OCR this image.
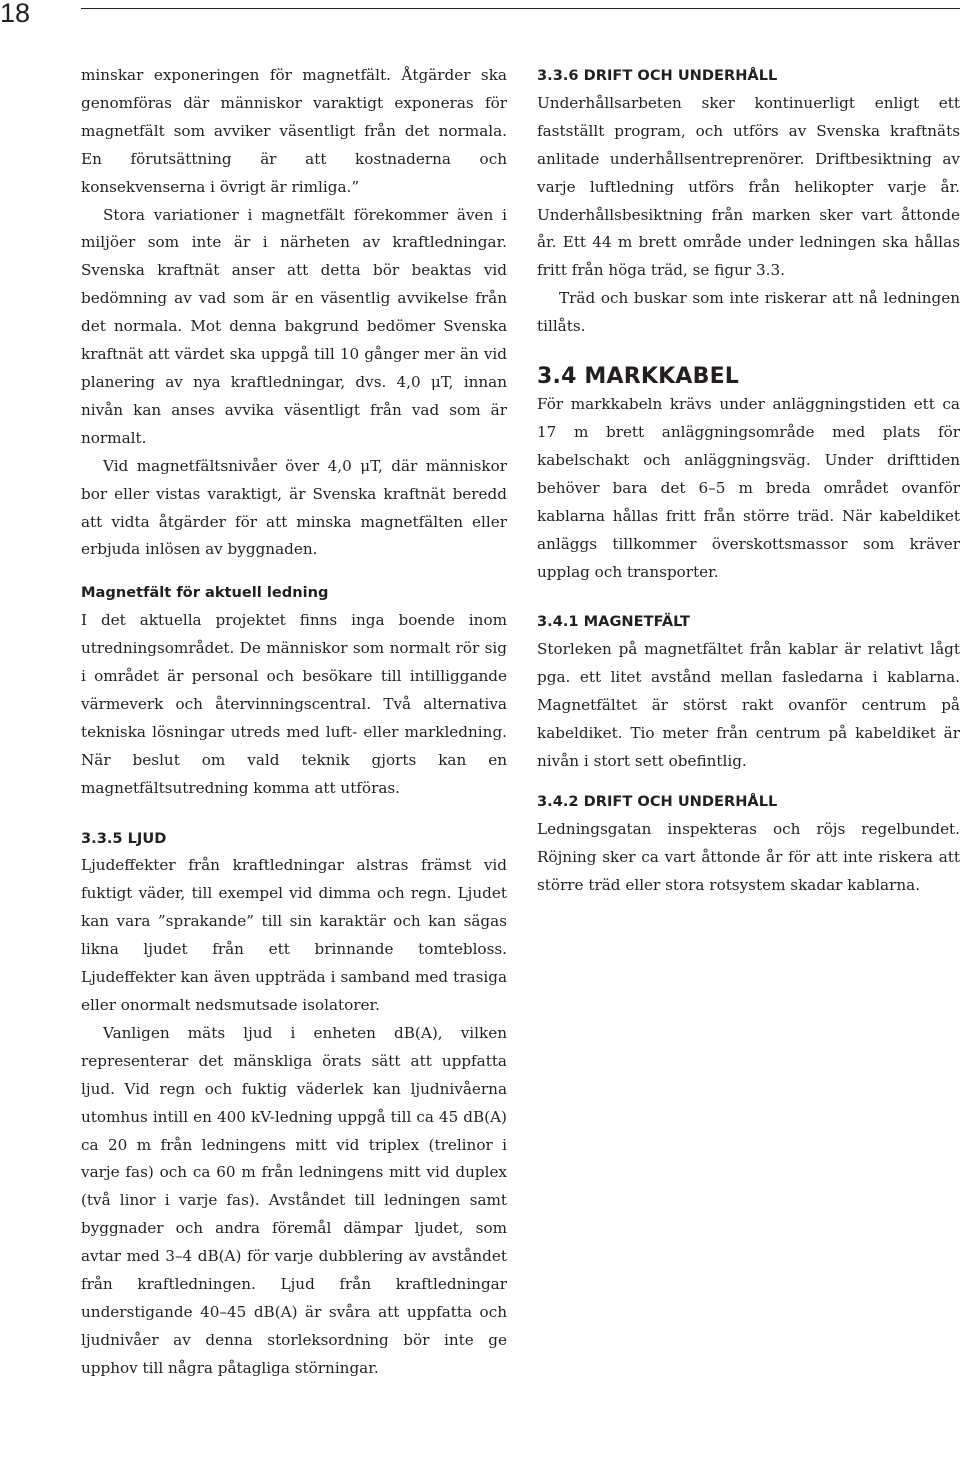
18

minskar exponeringen för magnetfält. Åtgärder ska genomföras där människor varaktigt exponeras för magnetfält som avviker väsentligt från det normala. En förutsättning är att kostnaderna och konsekvenserna i övrigt är rimliga.”

Stora variationer i magnetfält förekommer även i miljöer som inte är i närheten av kraftledningar. Svenska kraftnät anser att detta bör beaktas vid bedömning av vad som är en väsentlig avvikelse från det normala. Mot denna bakgrund bedömer Svenska kraftnät att värdet ska uppgå till 10 gånger mer än vid planering av nya kraftledningar, dvs. 4,0 μT, innan nivån kan anses avvika väsentligt från vad som är normalt.

Vid magnetfältsnivåer över 4,0 μT, där människor bor eller vistas varaktigt, är Svenska kraftnät beredd att vidta åtgärder för att minska magnetfälten eller erbjuda inlösen av byggnaden.

Magnetfält för aktuell ledning

I det aktuella projektet finns inga boende inom utredningsområdet. De människor som normalt rör sig i området är personal och besökare till intilliggande värmeverk och återvinningscentral. Två alternativa tekniska lösningar utreds med luft- eller markledning. När beslut om vald teknik gjorts kan en magnetfältsutredning komma att utföras.

3.3.5 LJUD

Ljudeffekter från kraftledningar alstras främst vid fuktigt väder, till exempel vid dimma och regn. Ljudet kan vara ”sprakande” till sin karaktär och kan sägas likna ljudet från ett brinnande tomtebloss. Ljudeffekter kan även uppträda i samband med trasiga eller onormalt nedsmutsade isolatorer.

Vanligen mäts ljud i enheten dB(A), vilken representerar det mänskliga örats sätt att uppfatta ljud. Vid regn och fuktig väderlek kan ljudnivåerna utomhus intill en 400 kV-ledning uppgå till ca 45 dB(A) ca 20 m från ledningens mitt vid triplex (trelinor i varje fas) och ca 60 m från ledningens mitt vid duplex (två linor i varje fas). Avståndet till ledningen samt byggnader och andra föremål dämpar ljudet, som avtar med 3–4 dB(A) för varje dubblering av avståndet från kraftledningen. Ljud från kraftledningar understigande 40–45 dB(A) är svåra att uppfatta och ljudnivåer av denna storleksordning bör inte ge upphov till några påtagliga störningar.

3.3.6 DRIFT OCH UNDERHÅLL

Underhållsarbeten sker kontinuerligt enligt ett fastställt program, och utförs av Svenska kraftnäts anlitade underhållsentreprenörer. Driftbesiktning av varje luftledning utförs från helikopter varje år. Underhållsbesiktning från marken sker vart åttonde år. Ett 44 m brett område under ledningen ska hållas fritt från höga träd, se figur 3.3.

Träd och buskar som inte riskerar att nå ledningen tillåts.

3.4 MARKKABEL

För markkabeln krävs under anläggningstiden ett ca 17 m brett anläggningsområde med plats för kabelschakt och anläggningsväg. Under drifttiden behöver bara det 6–5 m breda området ovanför kablarna hållas fritt från större träd. När kabeldiket anläggs tillkommer överskottsmassor som kräver upplag och transporter.

3.4.1 MAGNETFÄLT

Storleken på magnetfältet från kablar är relativt lågt pga. ett litet avstånd mellan fasledarna i kablarna. Magnetfältet är störst rakt ovanför centrum på kabeldiket. Tio meter från centrum på kabeldiket är nivån i stort sett obefintlig.

3.4.2 DRIFT OCH UNDERHÅLL

Ledningsgatan inspekteras och röjs regelbundet. Röjning sker ca vart åttonde år för att inte riskera att större träd eller stora rotsystem skadar kablarna.
